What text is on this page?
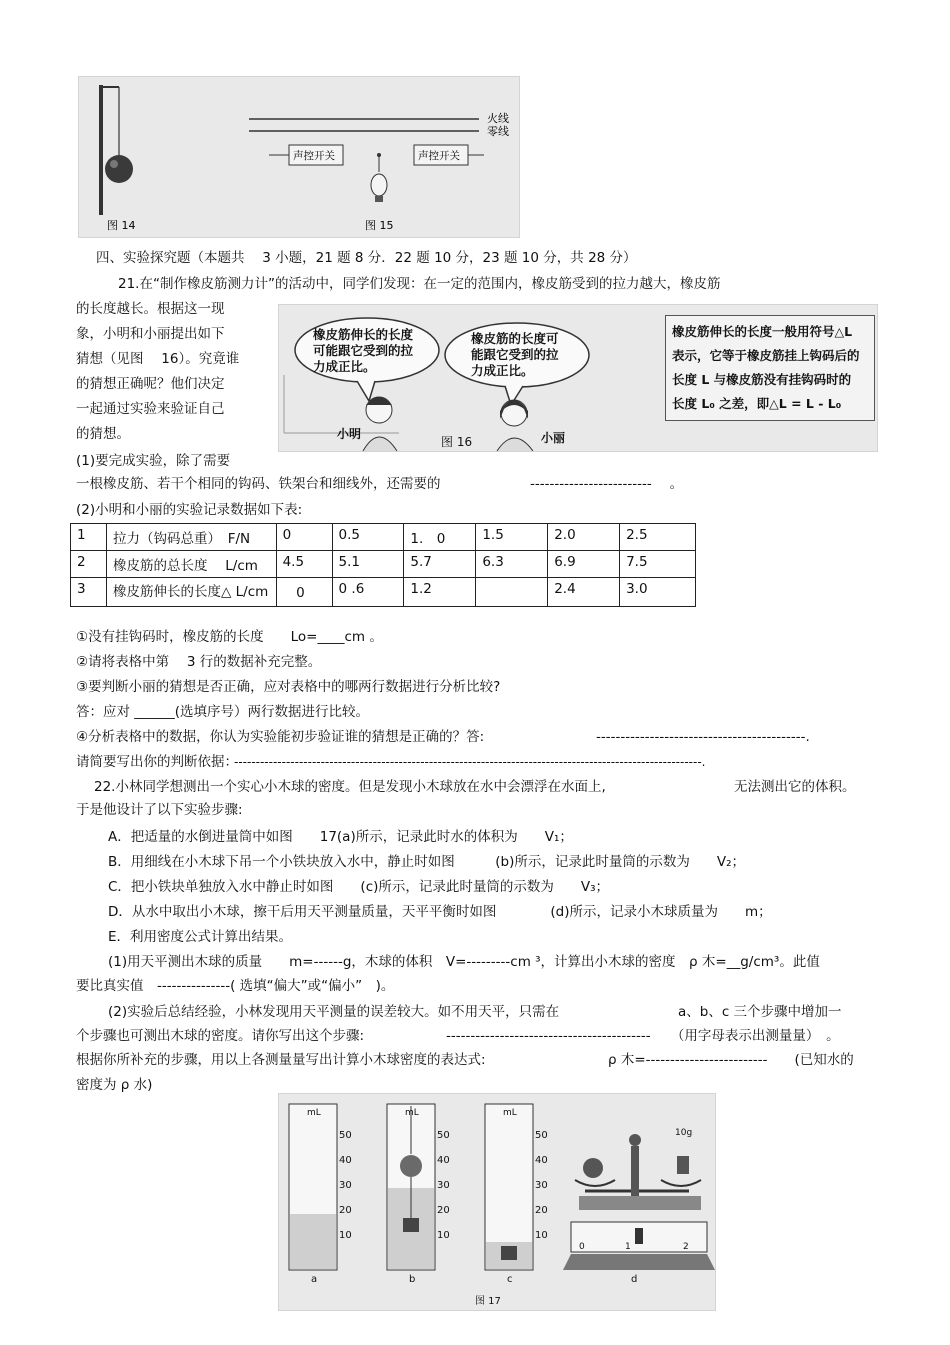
火线
零线
声控开关	声控开关
图 14	图 15
四、实验探究题（本题共　 3 小题，21 题 8 分．22 题 10 分，23 题 10 分，共 28 分）
21.在“制作橡皮筋测力计”的活动中，同学们发现：在一定的范围内，橡皮筋受到的拉力越大，橡皮筋
的长度越长。根据这一现
象，小明和小丽提出如下
猜想（见图　 16）。究竟谁
的猜想正确呢？他们决定
一起通过实验来验证自己
的猜想。
橡皮筋伸长的长度
可能跟它受到的拉
力成正比。
橡皮筋的长度可
能跟它受到的拉
力成正比。
橡皮筋伸长的长度一般用符号△L
表示，它等于橡皮筋挂上钩码后的
长度 L 与橡皮筋没有挂钩码时的
长度 L₀ 之差，即△L = L - L₀
小明
图 16	小丽
(1)要完成实验，除了需要
一根橡皮筋、若干个相同的钩码、铁架台和细线外，还需要的	-------------------------　 。
(2)小明和小丽的实验记录数据如下表:
1	拉力（钩码总重）　F/N	0	0.5	1.　0	1.5	2.0	2.5
2	橡皮筋的总长度　 L/cm	4.5	5.1	5.7	6.3	6.9	7.5
3	橡皮筋伸长的长度△ L/cm	　0	0 .6	1.2		2.4	3.0
①没有挂钩码时，橡皮筋的长度　　Lo=____cm 。
②请将表格中第　 3 行的数据补充完整。
③要判断小丽的猜想是否正确，应对表格中的哪两行数据进行分析比较?
答：应对 ______(选填序号）两行数据进行比较。
④分析表格中的数据，你认为实验能初步验证谁的猜想是正确的？答:	-------------------------------------------.
请简要写出你的判断依据：
------------------------------------------------------------------------------------------------------------.
22.小林同学想测出一个实心小木球的密度。但是发现小木球放在水中会漂浮在水面上,	无法测出它的体积。
于是他设计了以下实验步骤:
A．把适量的水倒进量筒中如图　　17(a)所示，记录此时水的体积为　　V₁；
B．用细线在小木球下吊一个小铁块放入水中，静止时如图　　　(b)所示，记录此时量筒的示数为　　V₂；
C．把小铁块单独放入水中静止时如图　　(c)所示，记录此时量筒的示数为　　V₃；
D．从水中取出小木球，擦干后用天平测量质量，天平平衡时如图　　　　(d)所示，记录小木球质量为　　m；
E．利用密度公式计算出结果。
(1)用天平测出木球的质量　　m=------g，木球的体积　V=---------cm ³，计算出小木球的密度　ρ 木=__g/cm³。此值
要比真实值　---------------( 选填“偏大”或“偏小”　)。
(2)实验后总结经验，小林发现用天平测量的误差较大。如不用天平，只需在	a、b、c 三个步骤中增加一
个步骤也可测出木球的密度。请你写出这个步骤:	------------------------------------------　　（用字母表示出测量量）　。
根据你所补充的步骤，用以上各测量量写出计算小木球密度的表达式:	ρ 木=-------------------------　　(已知水的
密度为 ρ 水)
mL	mL	mL
50
40
30
20
10
50
40
30
20
10
50
40
30
20
10
10g
0	1	2
a	b	c	d
图 17
